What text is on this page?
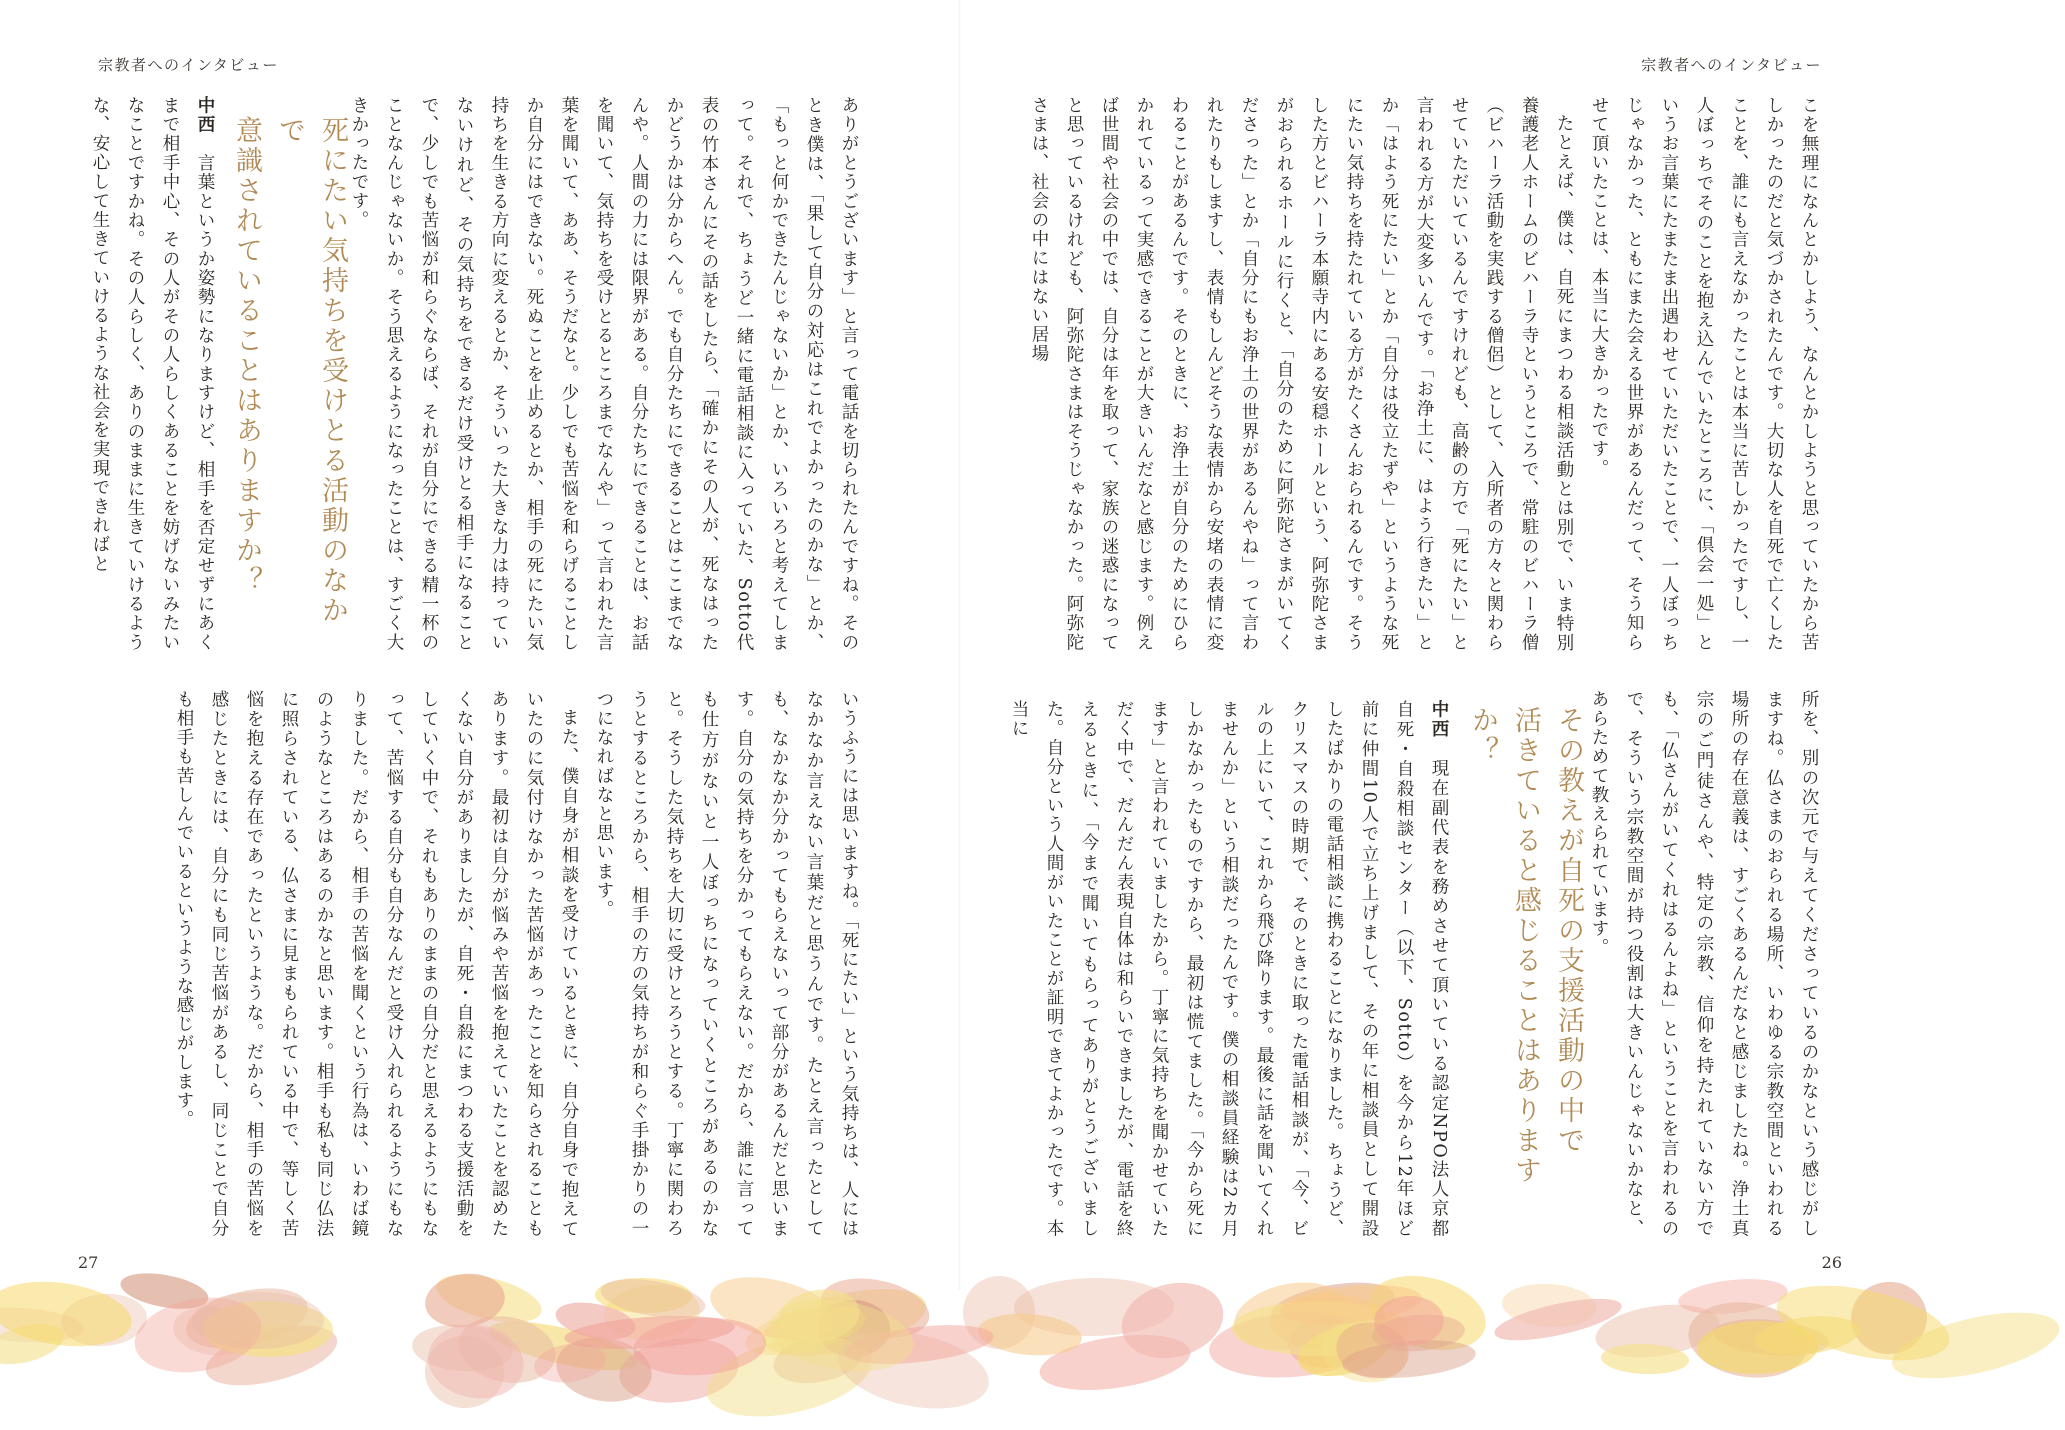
宗教者へのインタビュー	宗教者へのインタビュー

こを無理になんとかしよう、なんとかしようと思っていたから苦しかったのだと気づかされたんです。大切な人を自死で亡くしたことを、誰にも言えなかったことは本当に苦しかったですし、一人ぼっちでそのことを抱え込んでいたところに、「倶会一処」というお言葉にたまたま出遇わせていただいたことで、一人ぼっちじゃなかった、ともにまた会える世界があるんだって、そう知らせて頂いたことは、本当に大きかったです。

たとえば、僕は、自死にまつわる相談活動とは別で、いま特別養護老人ホームのビハーラ寺というところで、常駐のビハーラ僧（ビハーラ活動を実践する僧侶）として、入所者の方々と関わらせていただいているんですけれども、高齢の方で「死にたい」と言われる方が大変多いんです。「お浄土に、はよう行きたい」とか「はよう死にたい」とか「自分は役立たずや」というような死にたい気持ちを持たれている方がたくさんおられるんです。そうした方とビハーラ本願寺内にある安穏ホールという、阿弥陀さまがおられるホールに行くと、「自分のために阿弥陀さまがいてくださった」とか「自分にもお浄土の世界があるんやね」って言われたりもしますし、表情もしんどそうな表情から安堵の表情に変わることがあるんです。そのときに、お浄土が自分のためにひらかれているって実感できることが大きいんだなと感じます。例えば世間や社会の中では、自分は年を取って、家族の迷惑になってと思っているけれども、阿弥陀さまはそうじゃなかった。阿弥陀さまは、社会の中にはない居場

所を、別の次元で与えてくださっているのかなという感じがしますね。仏さまのおられる場所、いわゆる宗教空間といわれる場所の存在意義は、すごくあるんだなと感じましたね。浄土真宗のご門徒さんや、特定の宗教、信仰を持たれていない方でも、「仏さんがいてくれはるんよね」ということを言われるので、そういう宗教空間が持つ役割は大きいんじゃないかなと、あらためて教えられています。

その教えが自死の支援活動の中で
活きていると感じることはありますか？

中西　現在副代表を務めさせて頂いている認定NPO法人京都自死・自殺相談センター（以下、Sotto）を今から12年ほど前に仲間10人で立ち上げまして、その年に相談員として開設したばかりの電話相談に携わることになりました。ちょうど、クリスマスの時期で、そのときに取った電話相談が、「今、ビルの上にいて、これから飛び降ります。最後に話を聞いてくれませんか」という相談だったんです。僕の相談員経験は2カ月しかなかったものですから、最初は慌てました。「今から死にます」と言われていましたから。丁寧に気持ちを聞かせていただく中で、だんだん表現自体は和らいできましたが、電話を終えるときに、「今まで聞いてもらってありがとうございました。自分という人間がいたことが証明できてよかったです。本当に

ありがとうございます」と言って電話を切られたんですね。そのとき僕は、「果して自分の対応はこれでよかったのかな」とか、「もっと何かできたんじゃないか」とか、いろいろと考えてしまって。それで、ちょうど一緒に電話相談に入っていた、Sotto代表の竹本さんにその話をしたら、「確かにその人が、死なはったかどうかは分からへん。でも自分たちにできることはここまでなんや。人間の力には限界がある。自分たちにできることは、お話を聞いて、気持ちを受けとるところまでなんや」って言われた言葉を聞いて、ああ、そうだなと。少しでも苦悩を和らげることしか自分にはできない。死ぬことを止めるとか、相手の死にたい気持ちを生きる方向に変えるとか、そういった大きな力は持っていないけれど、その気持ちをできるだけ受けとる相手になることで、少しでも苦悩が和らぐならば、それが自分にできる精一杯のことなんじゃないか。そう思えるようになったことは、すごく大きかったです。

死にたい気持ちを受けとる活動のなかで
意識されていることはありますか？

中西　言葉というか姿勢になりますけど、相手を否定せずにあくまで相手中心、その人がその人らしくあることを妨げないみたいなことですかね。その人らしく、ありのままに生きていけるような、安心して生きていけるような社会を実現できればと

いうふうには思いますね。「死にたい」という気持ちは、人にはなかなか言えない言葉だと思うんです。たとえ言ったとしても、なかなか分かってもらえないって部分があるんだと思います。自分の気持ちを分かってもらえない。だから、誰に言っても仕方がないと一人ぼっちになっていくところがあるのかなと。そうした気持ちを大切に受けとろうとする。丁寧に関わろうとするところから、相手の方の気持ちが和らぐ手掛かりの一つになればなと思います。

また、僕自身が相談を受けているときに、自分自身で抱えていたのに気付けなかった苦悩があったことを知らされることもあります。最初は自分が悩みや苦悩を抱えていたことを認めたくない自分がありましたが、自死・自殺にまつわる支援活動をしていく中で、それもありのままの自分だと思えるようにもなって、苦悩する自分も自分なんだと受け入れられるようにもなりました。だから、相手の苦悩を聞くという行為は、いわば鏡のようなところはあるのかなと思います。相手も私も同じ仏法に照らされている、仏さまに見まもられている中で、等しく苦悩を抱える存在であったというような。だから、相手の苦悩を感じたときには、自分にも同じ苦悩があるし、同じことで自分も相手も苦しんでいるというような感じがします。

27	26
